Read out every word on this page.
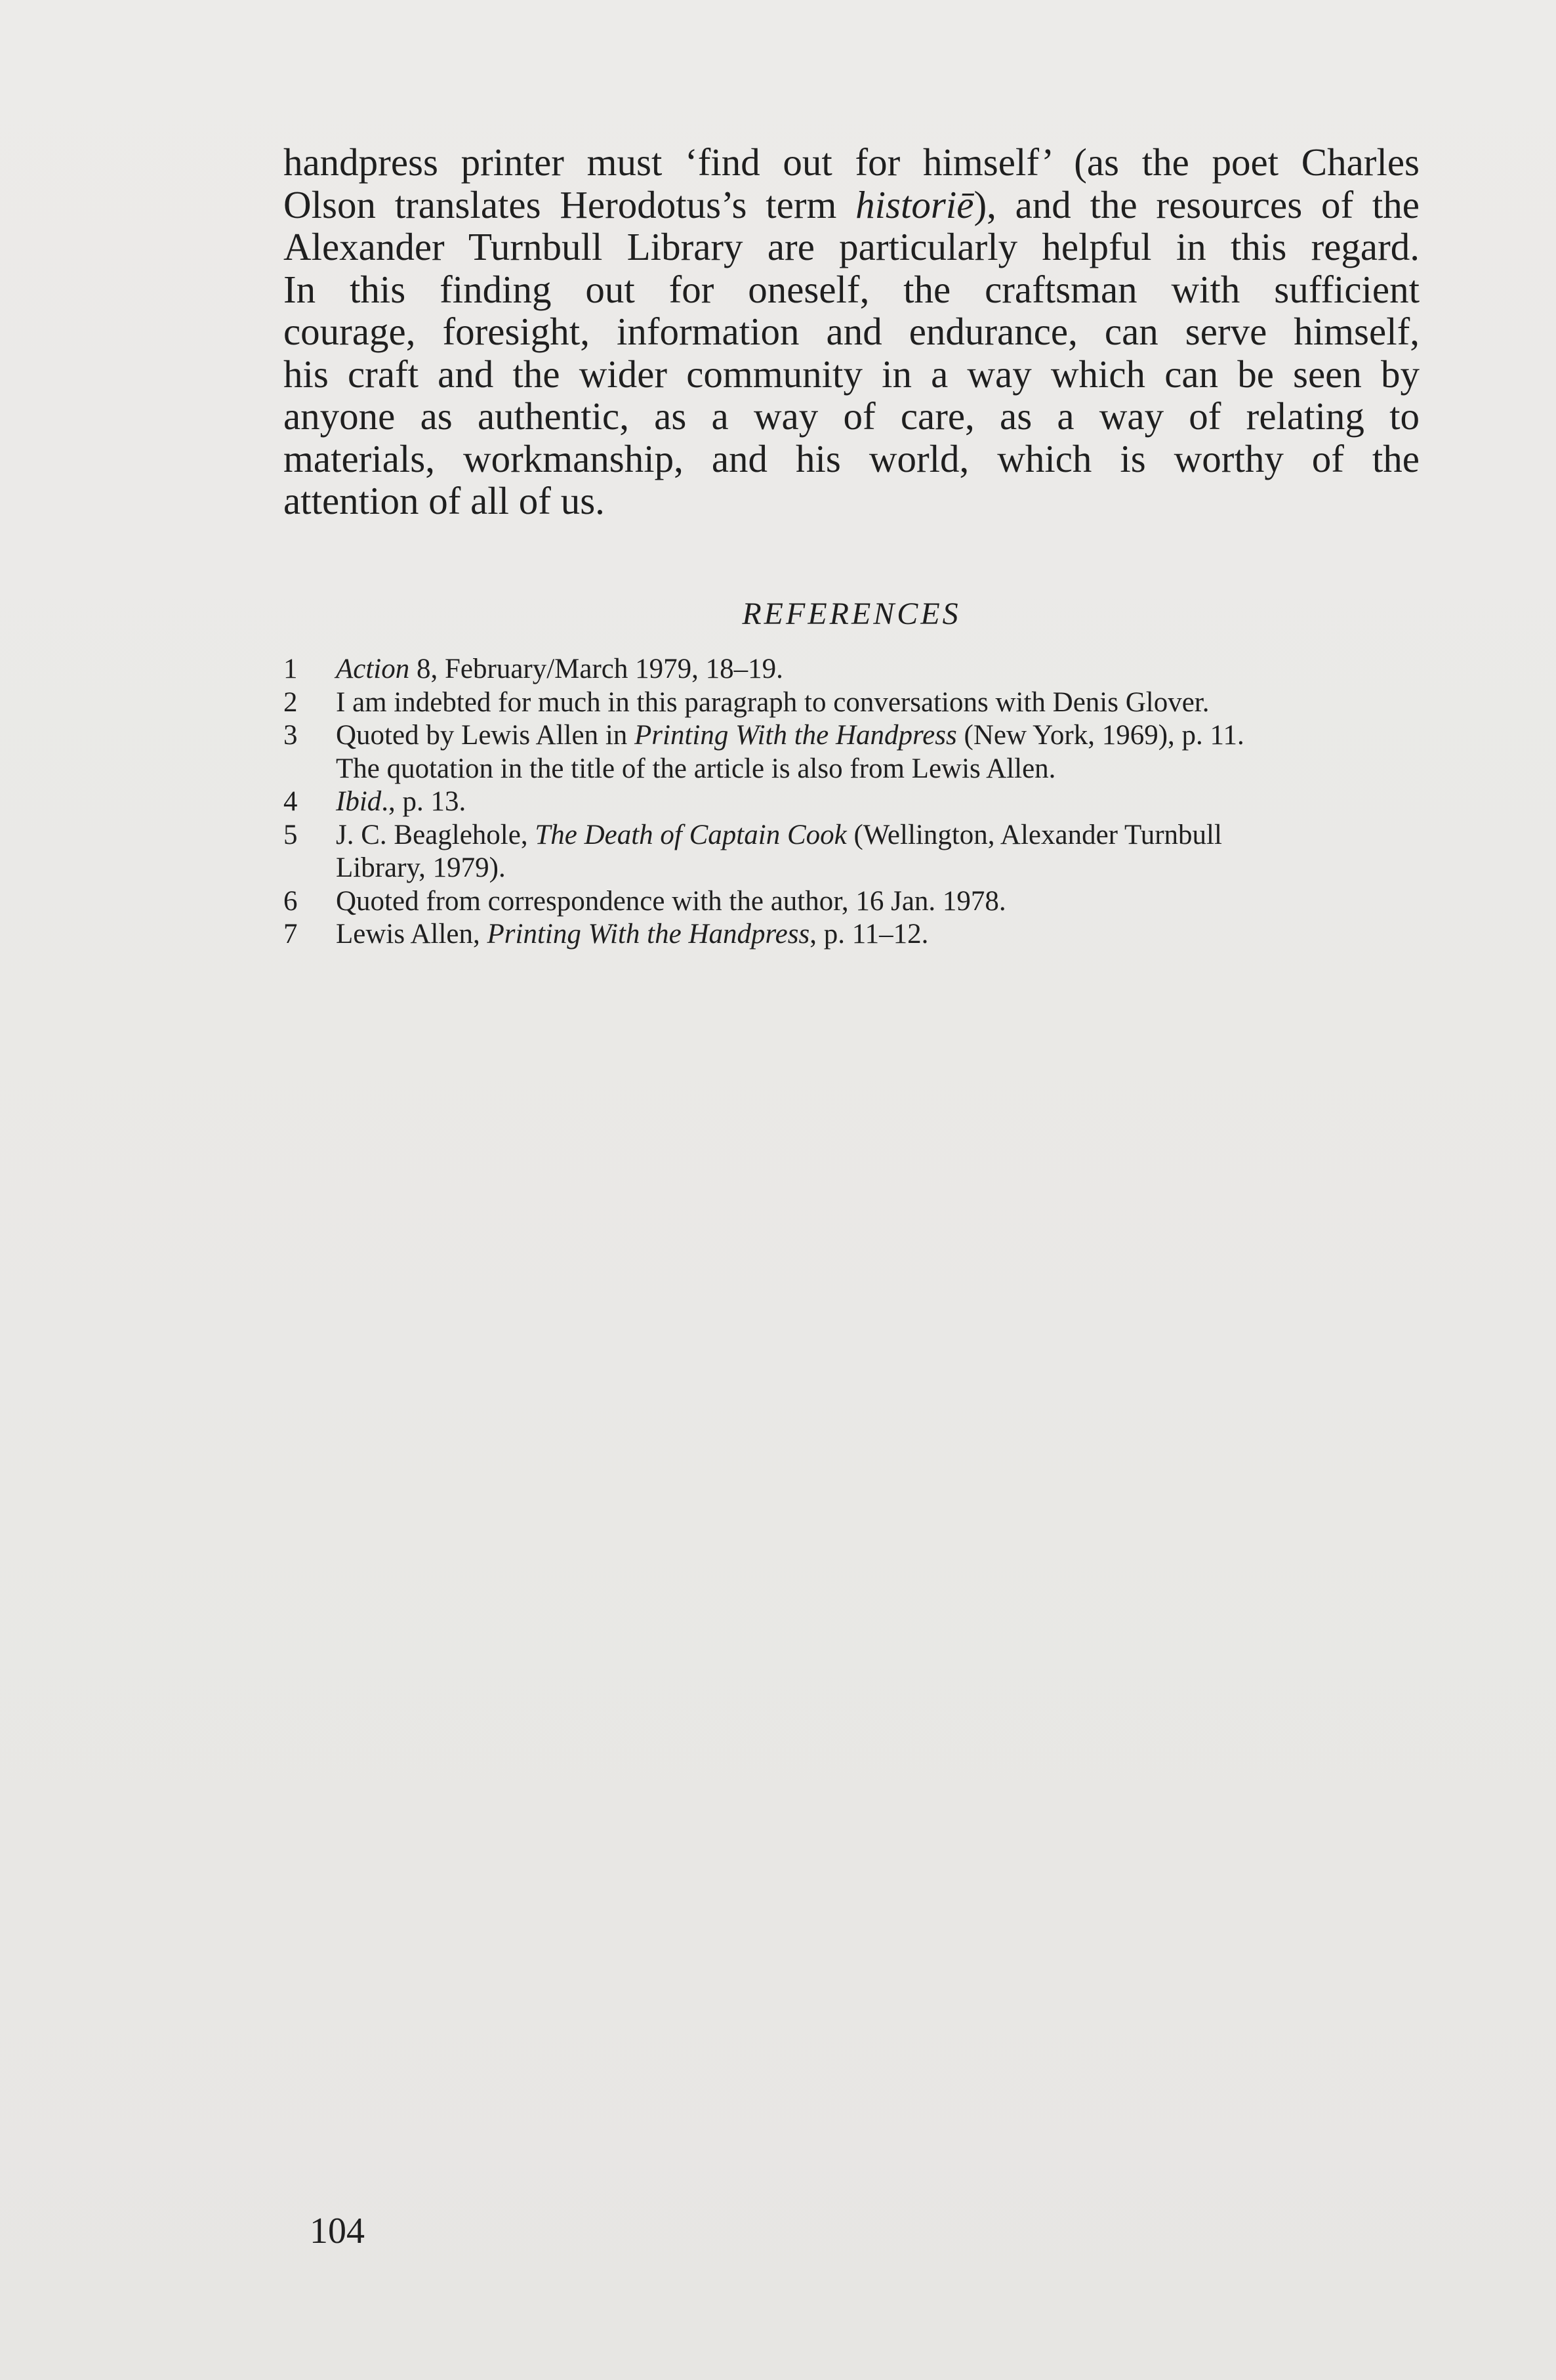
handpress printer must ‘find out for himself’ (as the poet Charles
Olson translates Herodotus’s term historiē), and the resources of the
Alexander Turnbull Library are particularly helpful in this regard.
In this finding out for oneself, the craftsman with sufficient
courage, foresight, information and endurance, can serve himself,
his craft and the wider community in a way which can be seen by
anyone as authentic, as a way of care, as a way of relating to
materials, workmanship, and his world, which is worthy of the
attention of all of us.
REFERENCES
1 Action 8, February/March 1979, 18–19.
2 I am indebted for much in this paragraph to conversations with Denis Glover.
3 Quoted by Lewis Allen in Printing With the Handpress (New York, 1969), p. 11.
The quotation in the title of the article is also from Lewis Allen.
4 Ibid., p. 13.
5 J. C. Beaglehole, The Death of Captain Cook (Wellington, Alexander Turnbull
Library, 1979).
6 Quoted from correspondence with the author, 16 Jan. 1978.
7 Lewis Allen, Printing With the Handpress, p. 11–12.
104
